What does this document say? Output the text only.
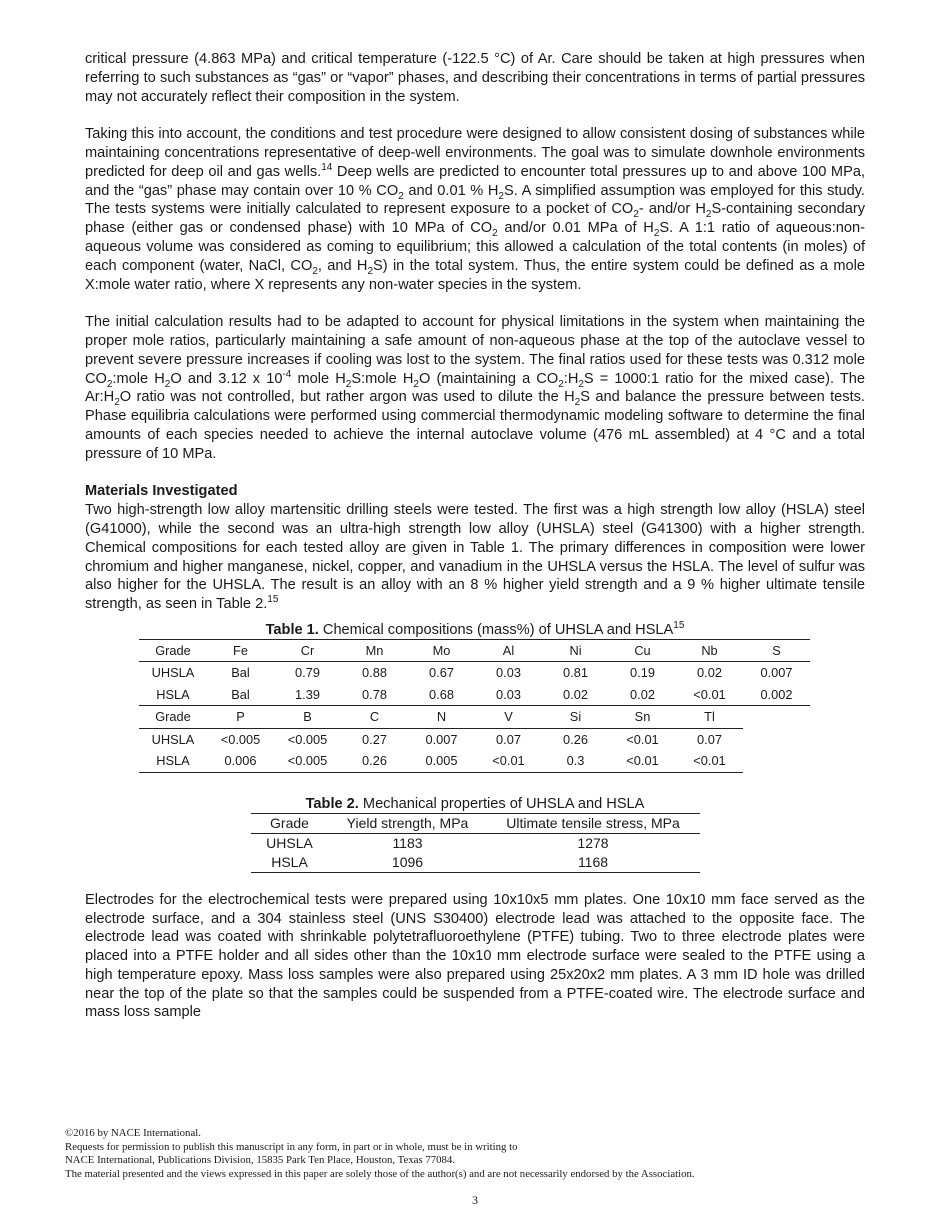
critical pressure (4.863 MPa) and critical temperature (-122.5 °C) of Ar. Care should be taken at high pressures when referring to such substances as “gas” or “vapor” phases, and describing their concentrations in terms of partial pressures may not accurately reflect their composition in the system.

Taking this into account, the conditions and test procedure were designed to allow consistent dosing of substances while maintaining concentrations representative of deep-well environments. The goal was to simulate downhole environments predicted for deep oil and gas wells.$^{14}$ Deep wells are predicted to encounter total pressures up to and above 100 MPa, and the “gas” phase may contain over 10 % $CO_2$ and 0.01 % $H_2S$. A simplified assumption was employed for this study. The tests systems were initially calculated to represent exposure to a pocket of $CO_2-$ and/or $H_2S$-containing secondary phase (either gas or condensed phase) with 10 MPa of $CO_2$ and/or 0.01 MPa of $H_2S$. A 1:1 ratio of aqueous:non-aqueous volume was considered as coming to equilibrium; this allowed a calculation of the total contents (in moles) of each component (water, NaCl, $CO_2$, and $H_2S$) in the total system. Thus, the entire system could be defined as a mole X:mole water ratio, where X represents any non-water species in the system.

The initial calculation results had to be adapted to account for physical limitations in the system when maintaining the proper mole ratios, particularly maintaining a safe amount of non-aqueous phase at the top of the autoclave vessel to prevent severe pressure increases if cooling was lost to the system. The final ratios used for these tests was 0.312 mole $CO_2:mole$ $H_2O$ and 3.12 x $10^{-4}$ mole $H_2S:mole$ $H_2O$ (maintaining a $CO_2:H_2S$ = 1000:1 ratio for the mixed case). The $Ar:H_2O$ ratio was not controlled, but rather argon was used to dilute the $H_2S$ and balance the pressure between tests. Phase equilibria calculations were performed using commercial thermodynamic modeling software to determine the final amounts of each species needed to achieve the internal autoclave volume (476 mL assembled) at 4 °C and a total pressure of 10 MPa.

Materials Investigated

Two high-strength low alloy martensitic drilling steels were tested. The first was a high strength low alloy (HSLA) steel (G41000), while the second was an ultra-high strength low alloy (UHSLA) steel (G41300) with a higher strength. Chemical compositions for each tested alloy are given in Table 1. The primary differences in composition were lower chromium and higher manganese, nickel, copper, and vanadium in the UHSLA versus the HSLA. The level of sulfur was also higher for the UHSLA. The result is an alloy with an 8 % higher yield strength and a 9 % higher ultimate tensile strength, as seen in Table 2.15

Table 1. Chemical compositions (mass%) of UHSLA and HSLA$^{15}$

Grade	Fe	Cr	Mn	Mo	Al	Ni	Cu	Nb	S
UHSLA	Bal	0.79	0.88	0.67	0.03	0.81	0.19	0.02	0.007
HSLA	Bal	1.39	0.78	0.68	0.03	0.02	0.02	<0.01	0.002
Grade	P	B	C	N	V	Si	Sn	Tl	
UHSLA	<0.005	<0.005	0.27	0.007	0.07	0.26	<0.01	0.07	
HSLA	0.006	<0.005	0.26	0.005	<0.01	0.3	<0.01	<0.01	

Table 2. Mechanical properties of UHSLA and HSLA

Grade	Yield strength, MPa	Ultimate tensile stress, MPa
UHSLA	1183	1278
HSLA	1096	1168

Electrodes for the electrochemical tests were prepared using 10x10x5 mm plates. One 10x10 mm face served as the electrode surface, and a 304 stainless steel (UNS S30400) electrode lead was attached to the opposite face. The electrode lead was coated with shrinkable polytetrafluoroethylene (PTFE) tubing. Two to three electrode plates were placed into a PTFE holder and all sides other than the 10x10 mm electrode surface were sealed to the PTFE using a high temperature epoxy. Mass loss samples were also prepared using 25x20x2 mm plates. A 3 mm ID hole was drilled near the top of the plate so that the samples could be suspended from a PTFE-coated wire. The electrode surface and mass loss sample

©2016 by NACE International.
Requests for permission to publish this manuscript in any form, in part or in whole, must be in writing to
NACE International, Publications Division, 15835 Park Ten Place, Houston, Texas 77084.
The material presented and the views expressed in this paper are solely those of the author(s) and are not necessarily endorsed by the Association.
3
